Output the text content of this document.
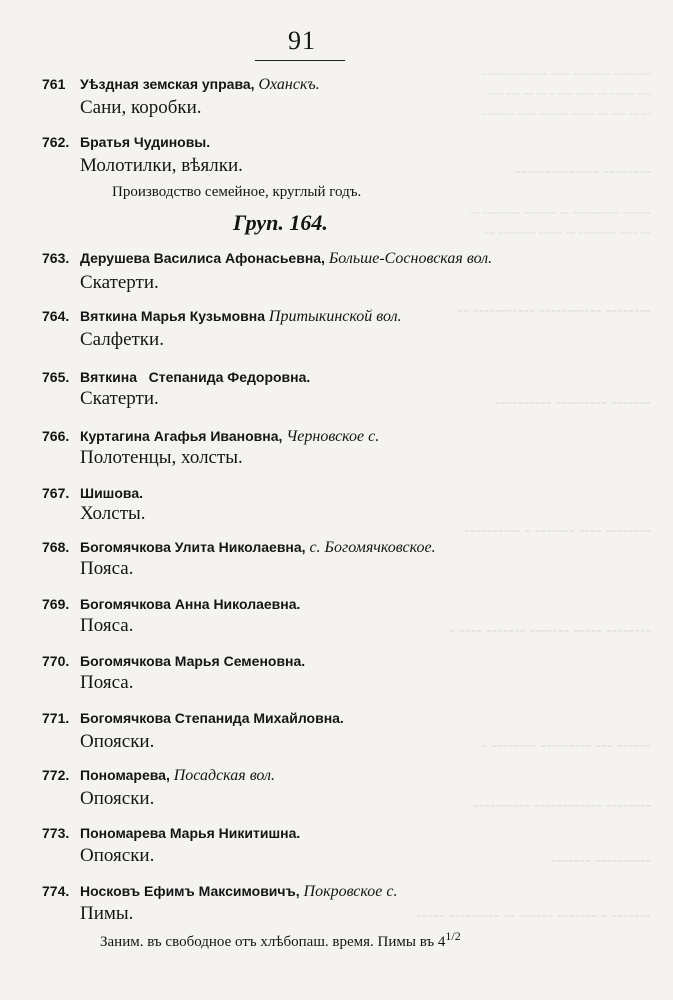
‑‑‑‑‑‑‑‑ ‑‑‑‑‑‑‑‑ ‑‑‑‑ ‑‑‑‑‑‑‑‑‑‑‑‑‑‑
‑‑‑ ‑‑‑‑‑ ‑‑ ‑‑‑‑ ‑‑‑ ‑ ‑‑ ‑‑ ‑‑‑ ‑‑‑
‑‑ ‑‑ ‑‑‑ ‑‑ ‑‑‑‑‑ ‑‑‑‑‑‑ ‑‑‑‑ ‑‑‑‑‑‑‑
‑‑‑‑‑‑‑‑ ‑‑‑‑‑‑‑‑‑‑‑‑‑‑
‑‑‑‑‑‑ ‑‑‑‑‑‑‑‑‑‑ ‑‑ ‑‑‑‑‑‑‑ ‑‑‑‑‑‑‑‑ ‑‑
‑‑ ‑‑‑‑ ‑‑‑‑‑‑‑‑ ‑‑ ‑‑‑‑‑ ‑‑‑‑‑‑‑‑ ‑‑
‑‑‑‑‑‑‑‑ ‑‑‑‑‑‑‑‑‑‑‑ ‑‑‑‑‑‑‑‑‑‑‑ ‑‑
‑‑‑‑‑‑‑ ‑‑‑‑‑‑‑‑‑ ‑‑‑‑‑‑‑‑‑‑
‑‑‑‑‑‑‑‑ ‑‑‑‑ ‑‑‑‑‑‑‑ ‑ ‑‑‑‑‑‑‑‑‑‑
‑‑‑‑‑‑‑‑ ‑‑‑‑‑ ‑‑‑‑‑‑‑ ‑‑‑‑‑‑‑ ‑‑‑‑ ‑
‑‑‑‑‑‑ ‑‑‑ ‑‑‑‑‑‑‑‑‑ ‑‑‑‑‑‑‑‑ ‑
‑‑‑‑‑‑‑‑ ‑‑‑‑‑‑‑‑‑‑‑‑ ‑‑‑‑‑‑‑‑‑‑
‑‑‑‑‑‑‑‑‑‑ ‑‑‑‑‑‑‑
‑‑‑‑‑‑‑ ‑ ‑‑‑‑‑‑‑ ‑‑‑‑‑‑ ‑‑ ‑‑‑‑‑‑‑‑‑ ‑‑‑‑‑
91
761 Уѣздная земская управа, Оханскъ.
Сани, коробки.
762. Братья Чудиновы.
Молотилки, вѣялки.
Производство семейное, круглый годъ.
Груп. 164.
763. Дерушева Василиса Афонасьевна, Больше-Сосновская вол.
Скатерти.
764. Вяткина Марья Кузьмовна Притыкинской вол.
Салфетки.
765. Вяткина   Степанида Федоровна.
Скатерти.
766. Куртагина Агафья Ивановна, Черновское с.
Полотенцы, холсты.
767. Шишова.
Холсты.
768. Богомячкова Улита Николаевна, с. Богомячковское.
Пояса.
769. Богомячкова Анна Николаевна.
Пояса.
770. Богомячкова Марья Семеновна.
Пояса.
771. Богомячкова Степанида Михайловна.
Опояски.
772. Пономарева, Посадская вол.
Опояски.
773. Пономарева Марья Никитишна.
Опояски.
774. Носковъ Ефимъ Максимовичъ, Покровское с.
Пимы.
Заним. въ свободное отъ хлѣбопаш. время. Пимы въ $4^{1/2}$
